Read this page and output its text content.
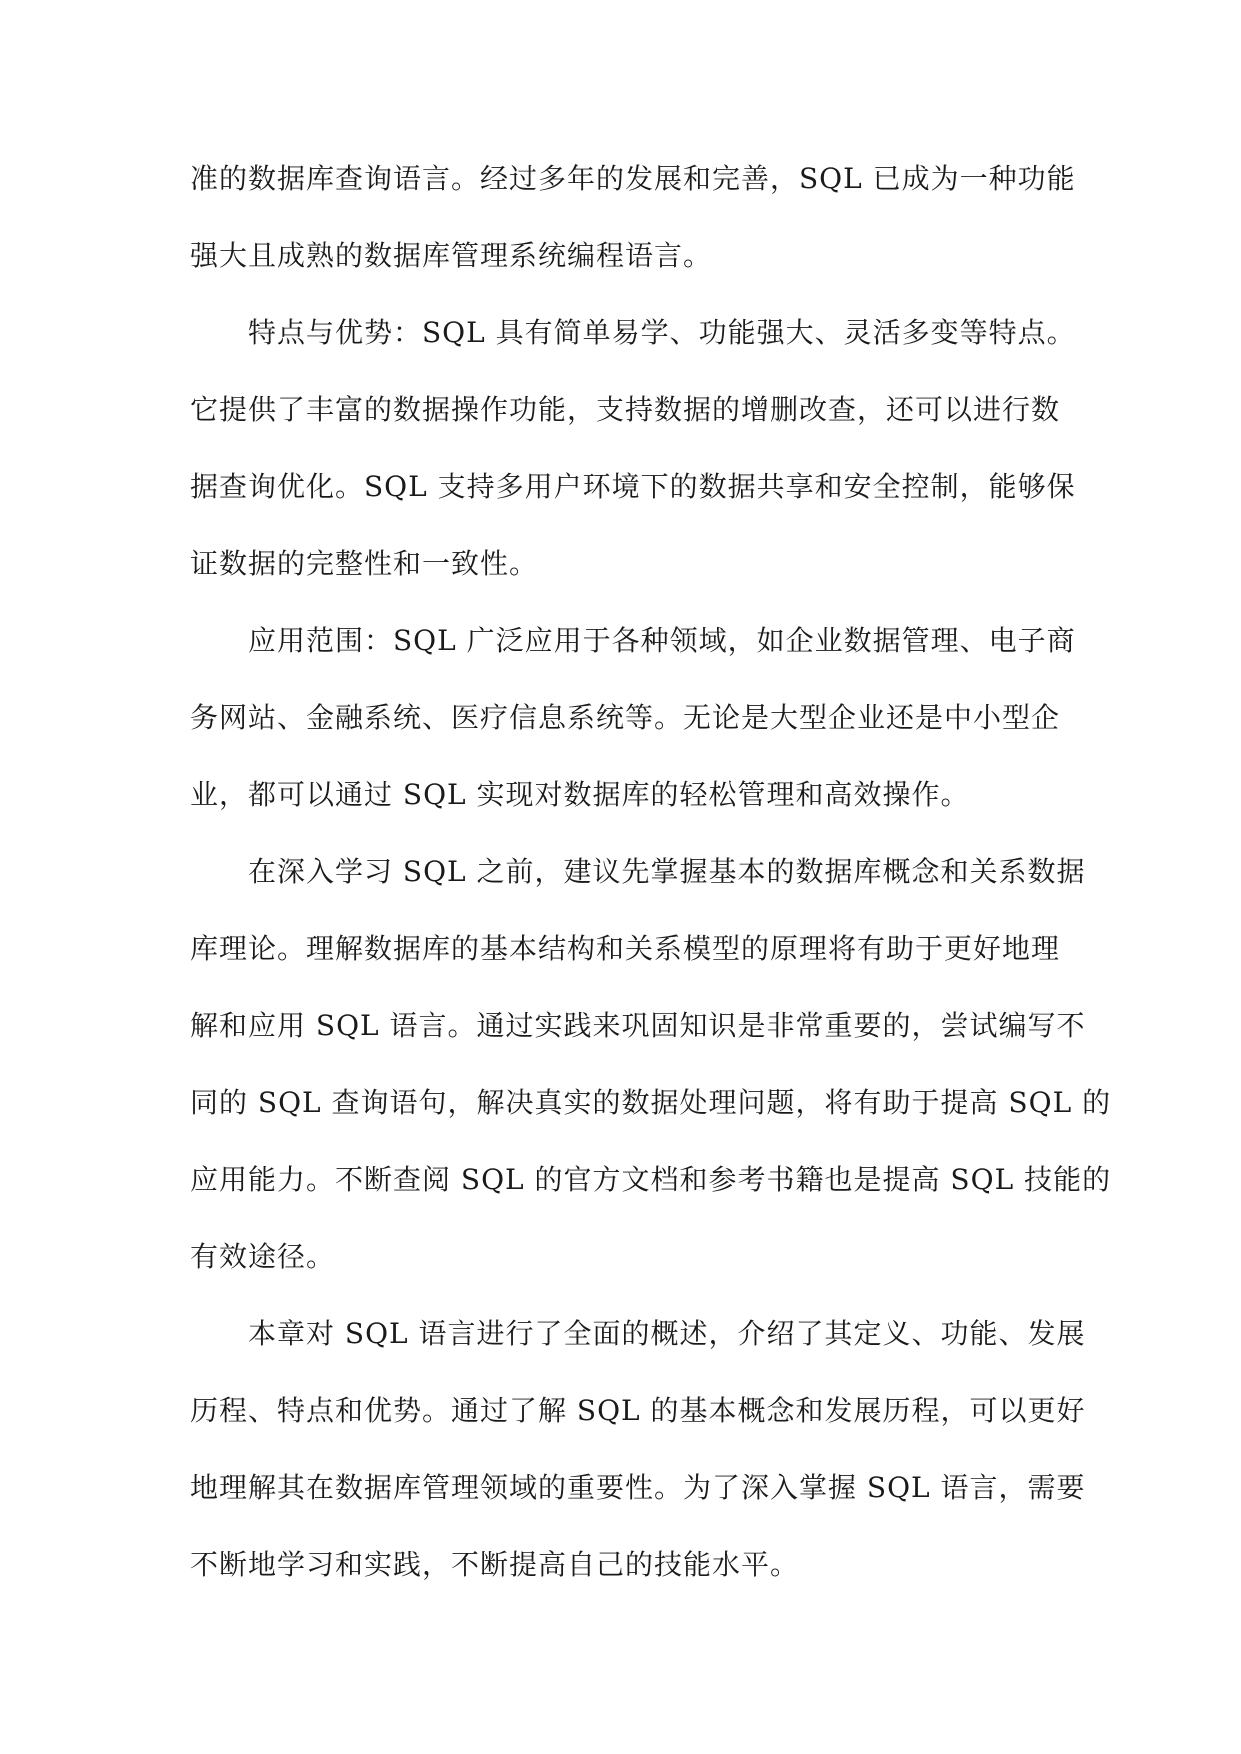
准的数据库查询语言。经过多年的发展和完善，SQL 已成为一种功能
强大且成熟的数据库管理系统编程语言。
特点与优势：SQL 具有简单易学、功能强大、灵活多变等特点。
它提供了丰富的数据操作功能，支持数据的增删改查，还可以进行数
据查询优化。SQL 支持多用户环境下的数据共享和安全控制，能够保
证数据的完整性和一致性。
应用范围：SQL 广泛应用于各种领域，如企业数据管理、电子商
务网站、金融系统、医疗信息系统等。无论是大型企业还是中小型企
业，都可以通过 SQL 实现对数据库的轻松管理和高效操作。
在深入学习 SQL 之前，建议先掌握基本的数据库概念和关系数据
库理论。理解数据库的基本结构和关系模型的原理将有助于更好地理
解和应用 SQL 语言。通过实践来巩固知识是非常重要的，尝试编写不
同的 SQL 查询语句，解决真实的数据处理问题，将有助于提高 SQL 的
应用能力。不断查阅 SQL 的官方文档和参考书籍也是提高 SQL 技能的
有效途径。
本章对 SQL 语言进行了全面的概述，介绍了其定义、功能、发展
历程、特点和优势。通过了解 SQL 的基本概念和发展历程，可以更好
地理解其在数据库管理领域的重要性。为了深入掌握 SQL 语言，需要
不断地学习和实践，不断提高自己的技能水平。
